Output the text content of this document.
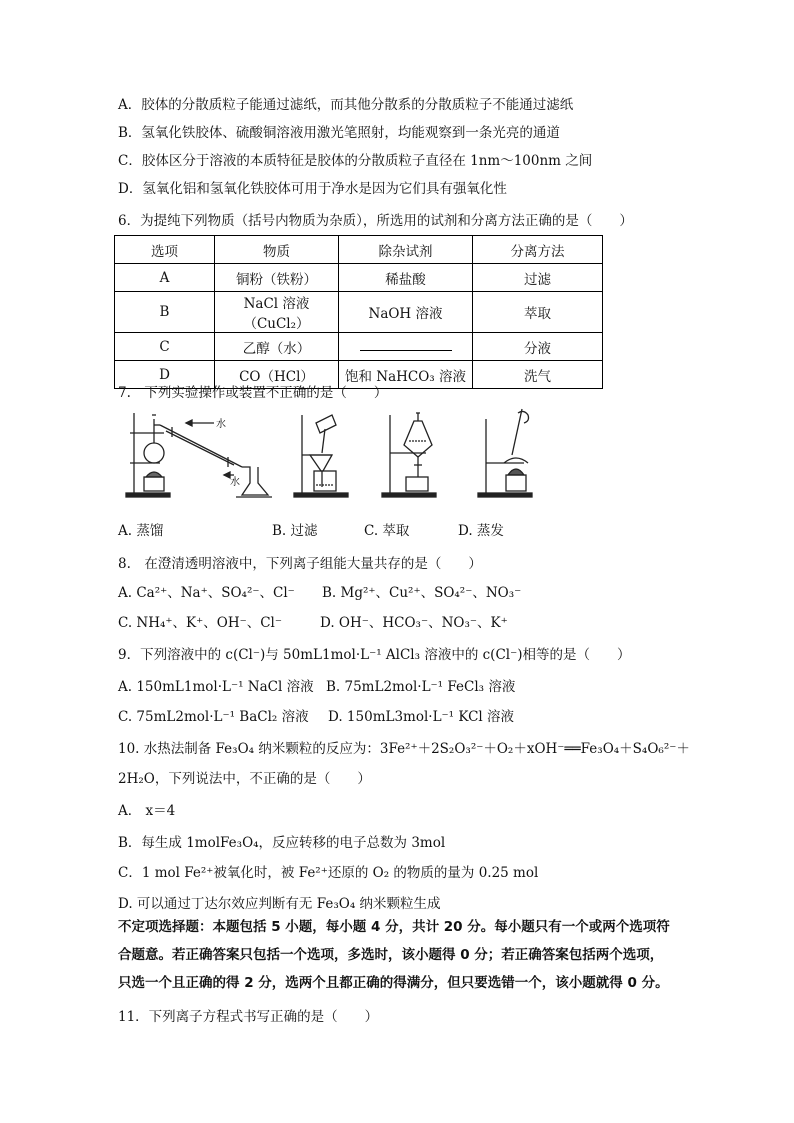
A．胶体的分散质粒子能通过滤纸，而其他分散系的分散质粒子不能通过滤纸
B．氢氧化铁胶体、硫酸铜溶液用激光笔照射，均能观察到一条光亮的通道
C．胶体区分于溶液的本质特征是胶体的分散质粒子直径在 1nm～100nm 之间
D．氢氧化铝和氢氧化铁胶体可用于净水是因为它们具有强氧化性
6．为提纯下列物质（括号内物质为杂质），所选用的试剂和分离方法正确的是（　　）
选项	物质	除杂试剂	分离方法
A	铜粉（铁粉）	稀盐酸	过滤
B	NaCl 溶液（CuCl₂）	NaOH 溶液	萃取
C	乙醇（水）		分液
D	CO（HCl）	饱和 NaHCO₃ 溶液	洗气
7.　下列实验操作或装置不正确的是（　　）
水
水
A. 蒸馏	B. 过滤	C. 萃取	D. 蒸发
8.　在澄清透明溶液中，下列离子组能大量共存的是（　　）
A. Ca²⁺、Na⁺、SO₄²⁻、Cl⁻ B. Mg²⁺、Cu²⁺、SO₄²⁻、NO₃⁻
C. NH₄⁺、K⁺、OH⁻、Cl⁻	D. OH⁻、HCO₃⁻、NO₃⁻、K⁺
9．下列溶液中的 c(Cl⁻)与 50mL1mol·L⁻¹ AlCl₃ 溶液中的 c(Cl⁻)相等的是（　　）
A. 150mL1mol·L⁻¹ NaCl 溶液 B. 75mL2mol·L⁻¹ FeCl₃ 溶液
C. 75mL2mol·L⁻¹ BaCl₂ 溶液 D. 150mL3mol·L⁻¹ KCl 溶液
10. 水热法制备 Fe₃O₄ 纳米颗粒的反应为：3Fe²⁺＋2S₂O₃²⁻＋O₂＋xOH⁻══Fe₃O₄＋S₄O₆²⁻＋
2H₂O，下列说法中，不正确的是（　　）
A． x＝4
B．每生成 1molFe₃O₄，反应转移的电子总数为 3mol
C．1 mol Fe²⁺被氧化时，被 Fe²⁺还原的 O₂ 的物质的量为 0.25 mol
D. 可以通过丁达尔效应判断有无 Fe₃O₄ 纳米颗粒生成
不定项选择题：本题包括 5 小题，每小题 4 分，共计 20 分。每小题只有一个或两个选项符
合题意。若正确答案只包括一个选项，多选时，该小题得 0 分；若正确答案包括两个选项，
只选一个且正确的得 2 分，选两个且都正确的得满分，但只要选错一个，该小题就得 0 分。
11．下列离子方程式书写正确的是（　　）
